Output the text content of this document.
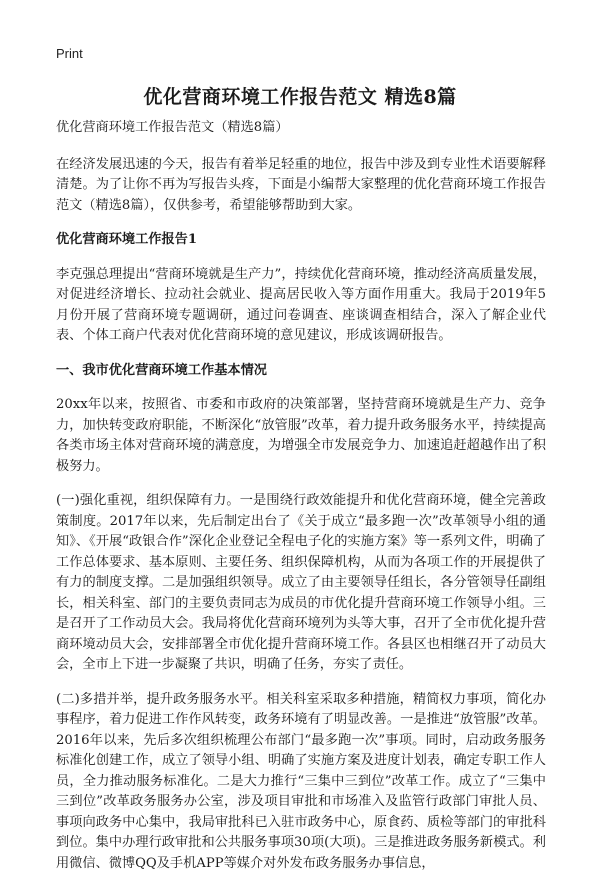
Print
优化营商环境工作报告范文 精选8篇

优化营商环境工作报告范文（精选8篇）

在经济发展迅速的今天，报告有着举足轻重的地位，报告中涉及到专业性术语要解释清楚。为了让你不再为写报告头疼，下面是小编帮大家整理的优化营商环境工作报告范文（精选8篇），仅供参考，希望能够帮助到大家。

优化营商环境工作报告1

李克强总理提出“营商环境就是生产力”，持续优化营商环境，推动经济高质量发展，对促进经济增长、拉动社会就业、提高居民收入等方面作用重大。我局于2019年5月份开展了营商环境专题调研，通过问卷调查、座谈调查相结合，深入了解企业代表、个体工商户代表对优化营商环境的意见建议，形成该调研报告。

一、我市优化营商环境工作基本情况

20xx年以来，按照省、市委和市政府的决策部署，坚持营商环境就是生产力、竞争力，加快转变政府职能，不断深化“放管服”改革，着力提升政务服务水平，持续提高各类市场主体对营商环境的满意度，为增强全市发展竞争力、加速追赶超越作出了积极努力。

(一)强化重视，组织保障有力。一是围绕行政效能提升和优化营商环境，健全完善政策制度。2017年以来，先后制定出台了《关于成立“最多跑一次”改革领导小组的通知》、《开展“政银合作”深化企业登记全程电子化的实施方案》等一系列文件，明确了工作总体要求、基本原则、主要任务、组织保障机构，从而为各项工作的开展提供了有力的制度支撑。二是加强组织领导。成立了由主要领导任组长，各分管领导任副组长，相关科室、部门的主要负责同志为成员的市优化提升营商环境工作领导小组。三是召开了工作动员大会。我局将优化营商环境列为头等大事，召开了全市优化提升营商环境动员大会，安排部署全市优化提升营商环境工作。各县区也相继召开了动员大会，全市上下进一步凝聚了共识，明确了任务，夯实了责任。

(二)多措并举，提升政务服务水平。相关科室采取多种措施，精简权力事项，简化办事程序，着力促进工作作风转变，政务环境有了明显改善。一是推进“放管服”改革。2016年以来，先后多次组织梳理公布部门“最多跑一次”事项。同时，启动政务服务标准化创建工作，成立了领导小组、明确了实施方案及进度计划表，确定专职工作人员，全力推动服务标准化。二是大力推行“三集中三到位”改革工作。成立了“三集中三到位”改革政务服务办公室，涉及项目审批和市场准入及监管行政部门审批人员、事项向政务中心集中，我局审批科已入驻市政务中心，原食药、质检等部门的审批科到位。集中办理行政审批和公共服务事项30项(大项)。三是推进政务服务新模式。利用微信、微博QQ及手机APP等媒介对外发布政务服务办事信息，
